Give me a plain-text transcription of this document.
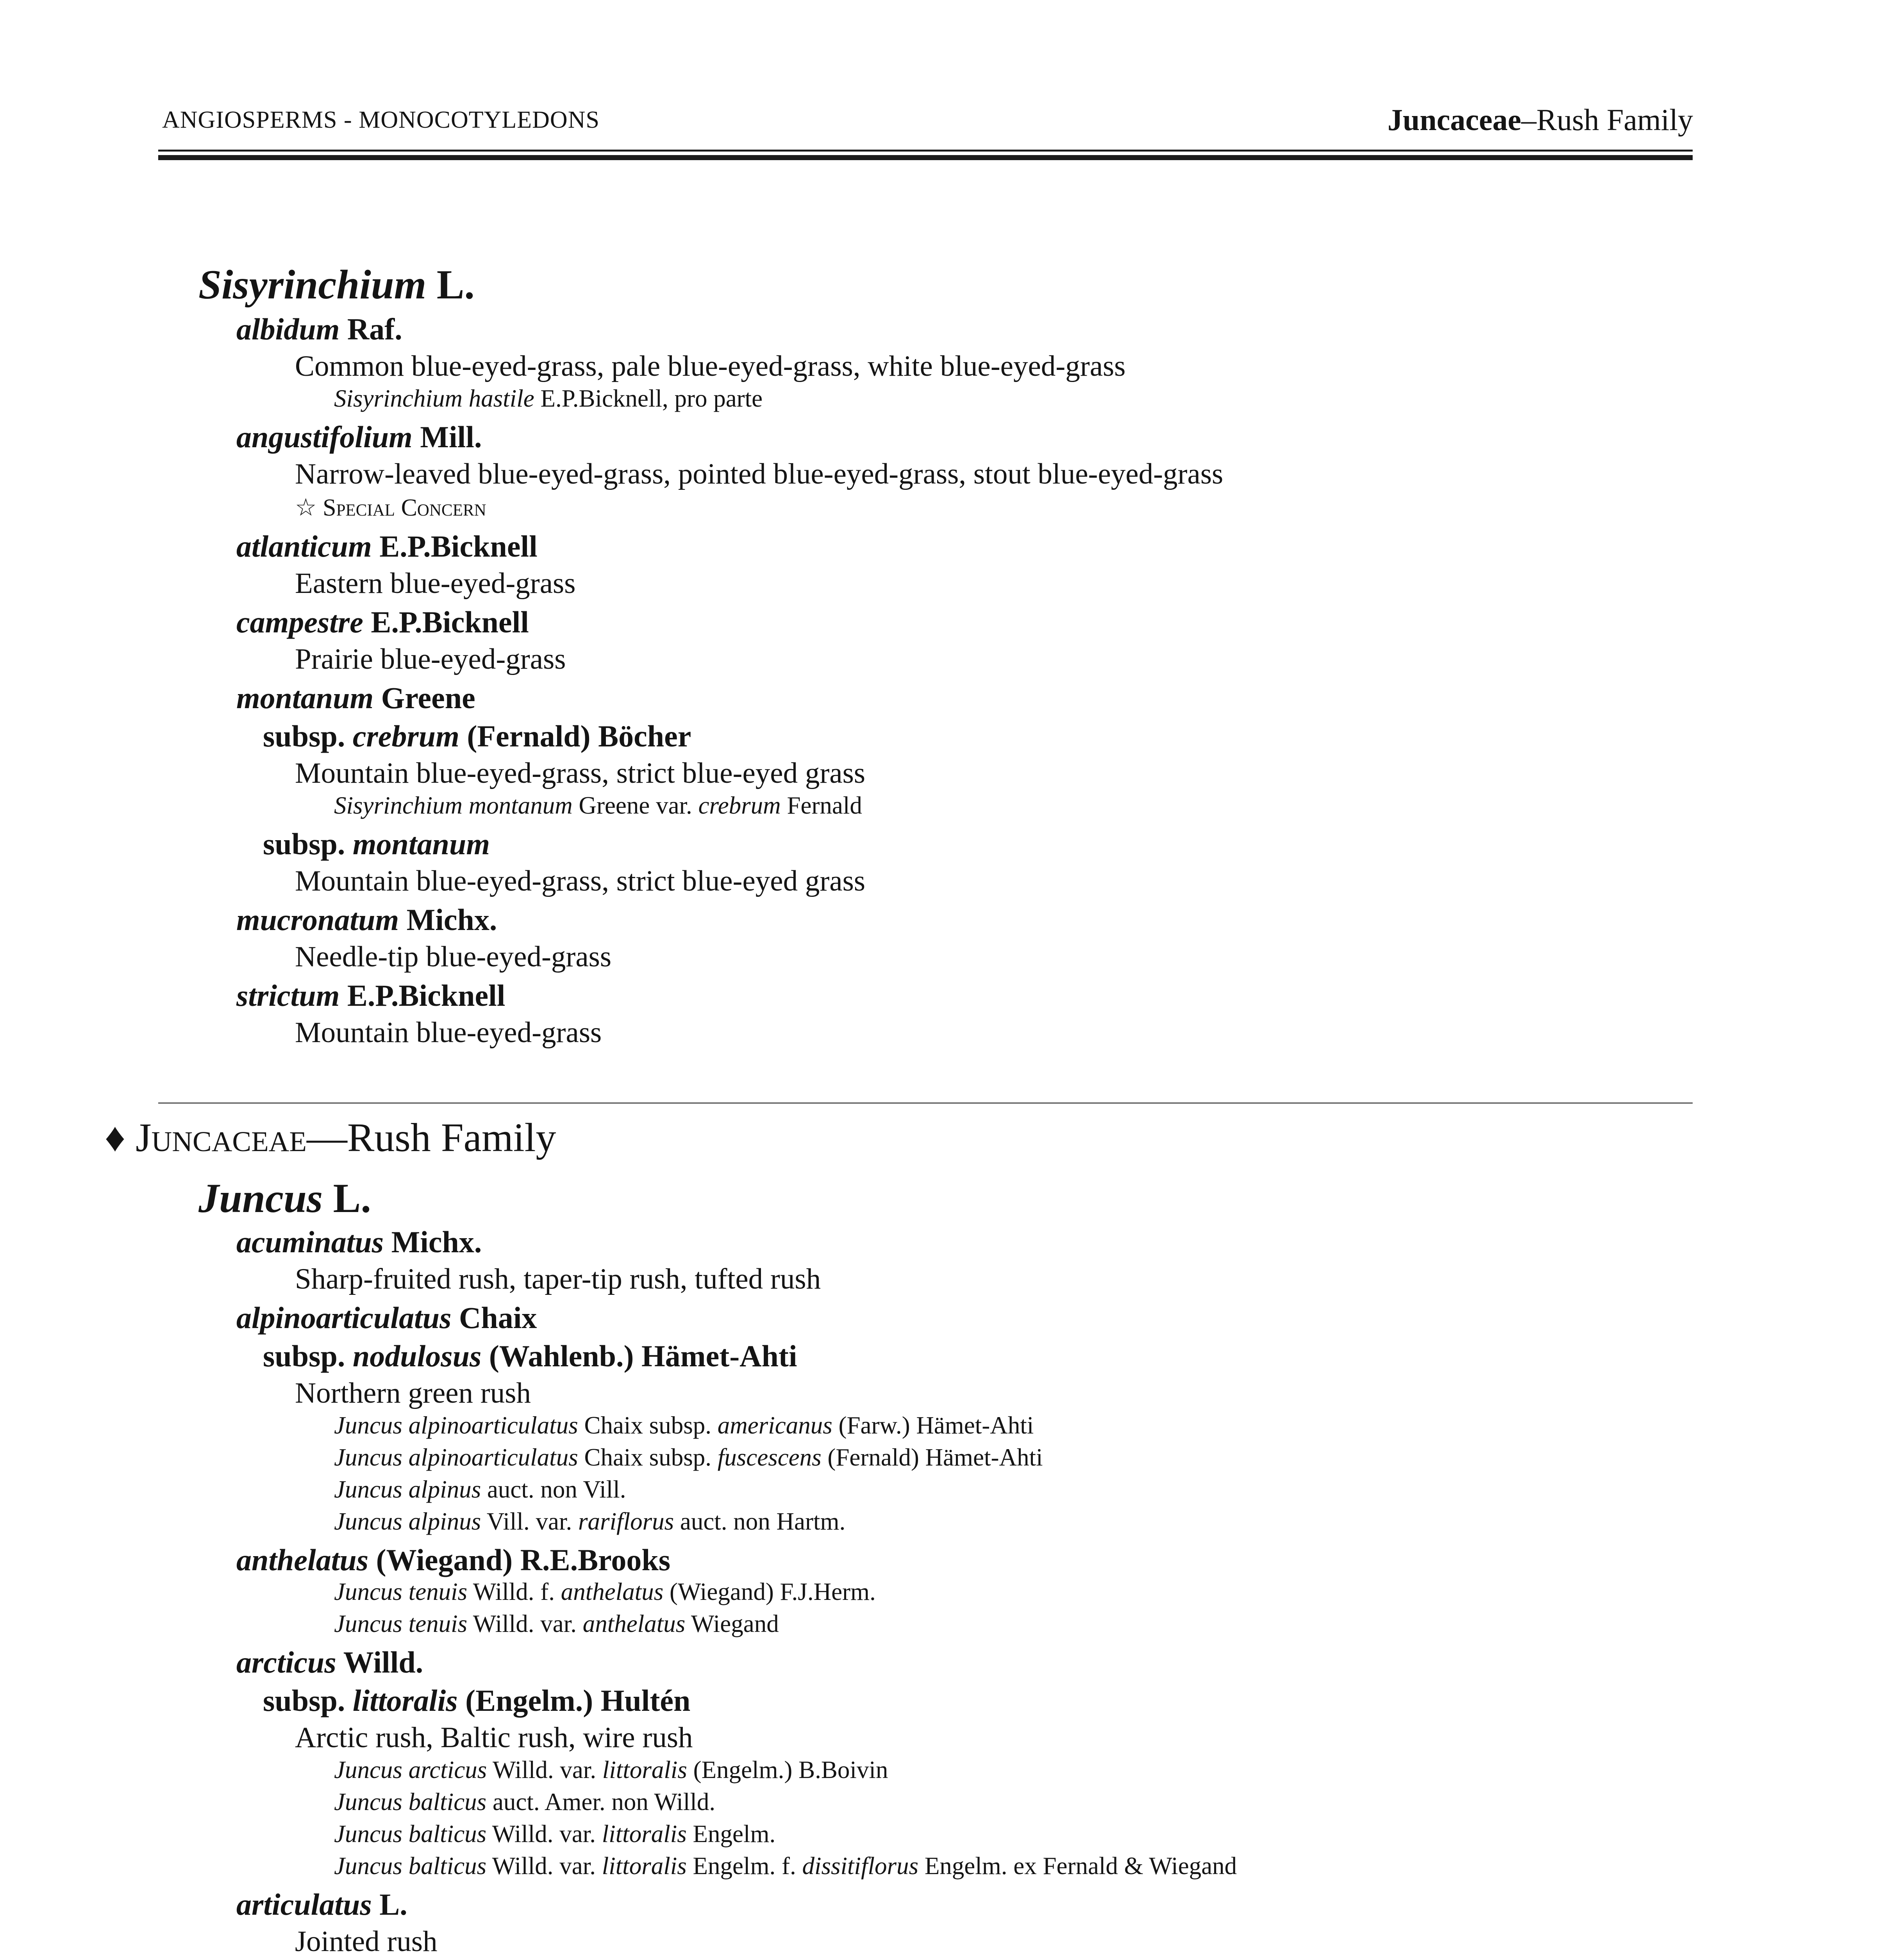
ANGIOSPERMS - MONOCOTYLEDONS	Juncaceae–Rush Family
Sisyrinchium L.
albidum Raf.
Common blue-eyed-grass, pale blue-eyed-grass, white blue-eyed-grass
Sisyrinchium hastile E.P.Bicknell, pro parte
angustifolium Mill.
Narrow-leaved blue-eyed-grass, pointed blue-eyed-grass, stout blue-eyed-grass
☆ Special Concern
atlanticum E.P.Bicknell
Eastern blue-eyed-grass
campestre E.P.Bicknell
Prairie blue-eyed-grass
montanum Greene
subsp. crebrum (Fernald) Böcher
Mountain blue-eyed-grass, strict blue-eyed grass
Sisyrinchium montanum Greene var. crebrum Fernald
subsp. montanum
Mountain blue-eyed-grass, strict blue-eyed grass
mucronatum Michx.
Needle-tip blue-eyed-grass
strictum E.P.Bicknell
Mountain blue-eyed-grass
♦ Juncaceae—Rush Family
Juncus L.
acuminatus Michx.
Sharp-fruited rush, taper-tip rush, tufted rush
alpinoarticulatus Chaix
subsp. nodulosus (Wahlenb.) Hämet-Ahti
Northern green rush
Juncus alpinoarticulatus Chaix subsp. americanus (Farw.) Hämet-Ahti
Juncus alpinoarticulatus Chaix subsp. fuscescens (Fernald) Hämet-Ahti
Juncus alpinus auct. non Vill.
Juncus alpinus Vill. var. rariflorus auct. non Hartm.
anthelatus (Wiegand) R.E.Brooks
Juncus tenuis Willd. f. anthelatus (Wiegand) F.J.Herm.
Juncus tenuis Willd. var. anthelatus Wiegand
arcticus Willd.
subsp. littoralis (Engelm.) Hultén
Arctic rush, Baltic rush, wire rush
Juncus arcticus Willd. var. littoralis (Engelm.) B.Boivin
Juncus balticus auct. Amer. non Willd.
Juncus balticus Willd. var. littoralis Engelm.
Juncus balticus Willd. var. littoralis Engelm. f. dissitiflorus Engelm. ex Fernald & Wiegand
articulatus L.
Jointed rush
